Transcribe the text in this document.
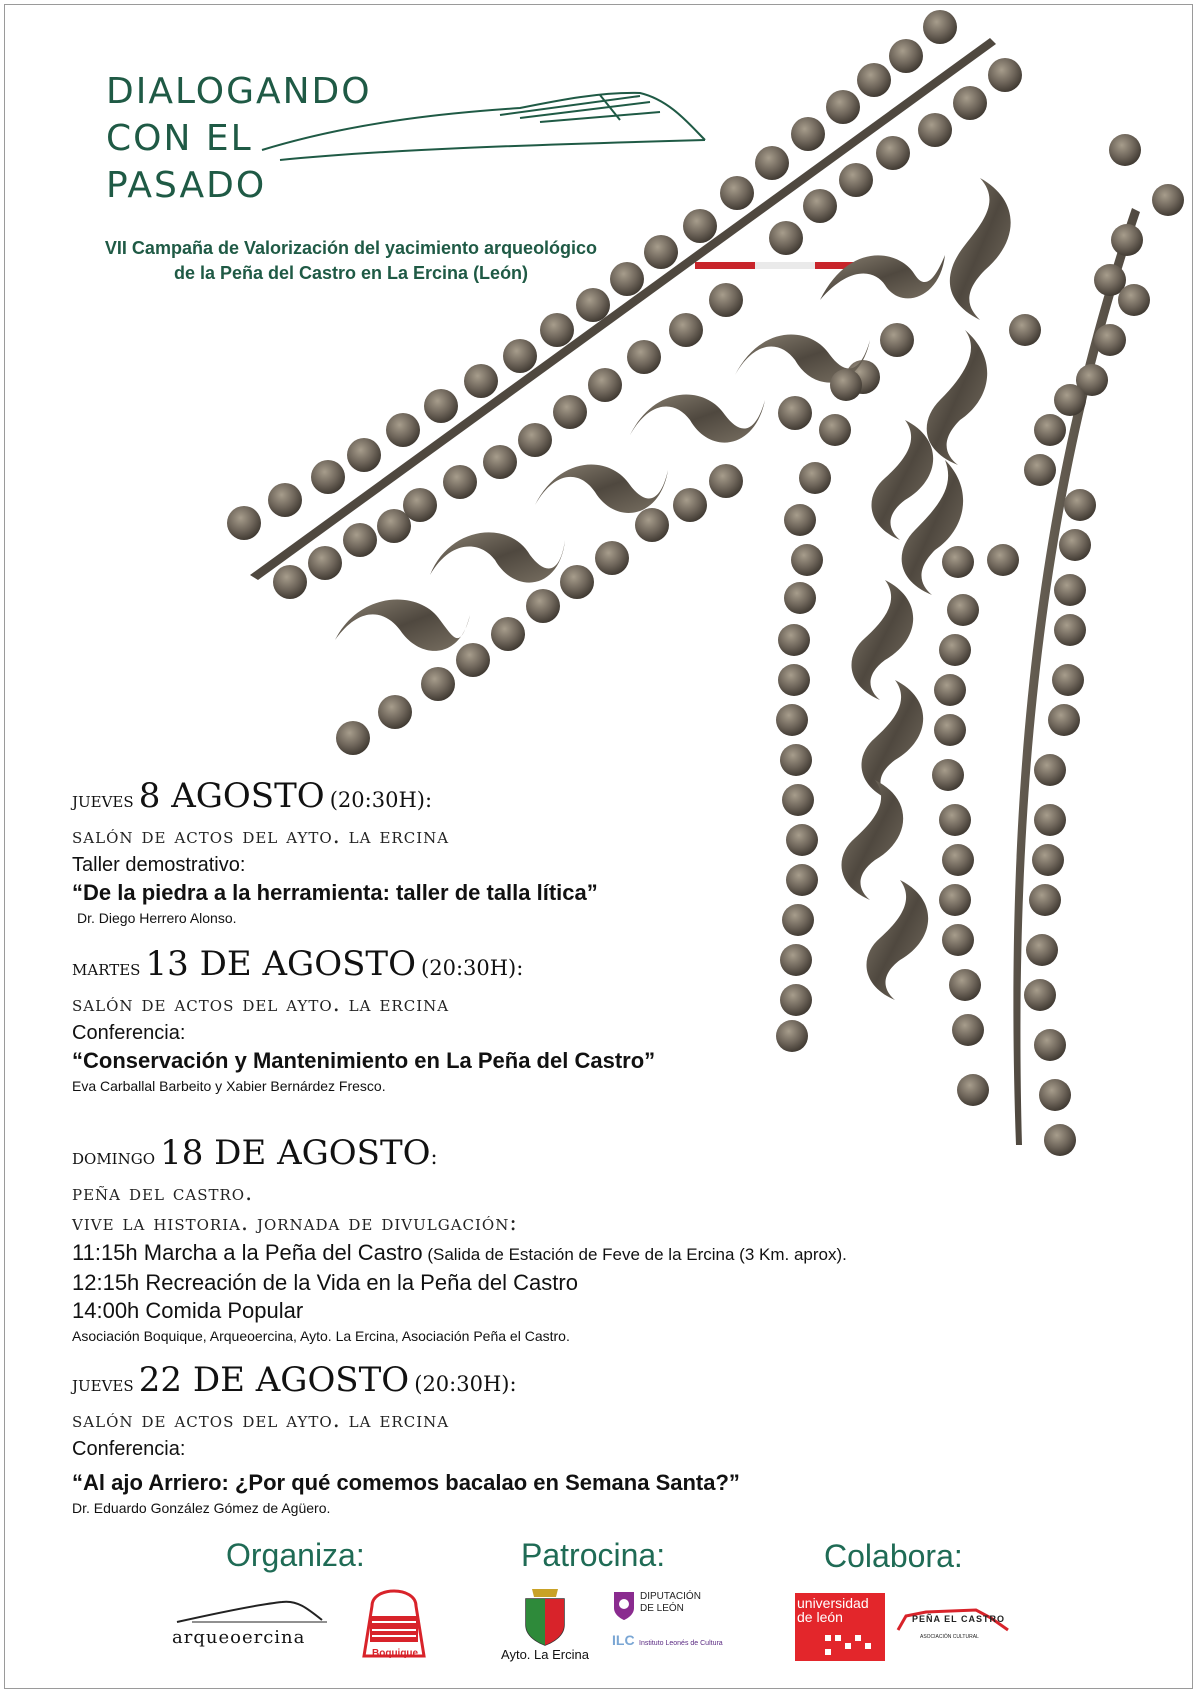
DIALOGANDO
CON EL
PASADO
VII Campaña de Valorización del yacimiento arqueológico
de la Peña del Castro en La Ercina (León)
jueves 8 AGOSTO (20:30H):
salón de actos del ayto. la ercina
Taller demostrativo:
“De la piedra a la herramienta: taller de talla lítica”
Dr. Diego Herrero Alonso.
martes 13 DE AGOSTO (20:30H):
salón de actos del ayto. la ercina
Conferencia:
“Conservación y Mantenimiento en La Peña del Castro”
Eva Carballal Barbeito y Xabier Bernárdez Fresco.
domingo 18 DE AGOSTO:
peña del castro.
vive la historia. jornada de divulgación:
11:15h Marcha a la Peña del Castro (Salida de Estación de Feve de la Ercina (3 Km. aprox).
12:15h Recreación de la Vida en la Peña del Castro
14:00h Comida Popular
Asociación Boquique, Arqueoercina, Ayto. La Ercina, Asociación Peña el Castro.
jueves 22 DE AGOSTO (20:30H):
salón de actos del ayto. la ercina
Conferencia:
“Al ajo Arriero: ¿Por qué comemos bacalao en Semana Santa?”
Dr. Eduardo González Gómez de Agüero.
Organiza:	Patrocina:	Colabora:
arqueoercina
Boquique	Ayto. La Ercina
DIPUTACIÓN
DE LEÓN
ILC Instituto Leonés de Cultura
universidad
de león	PEÑA EL CASTRO
ASOCIACIÓN CULTURAL
